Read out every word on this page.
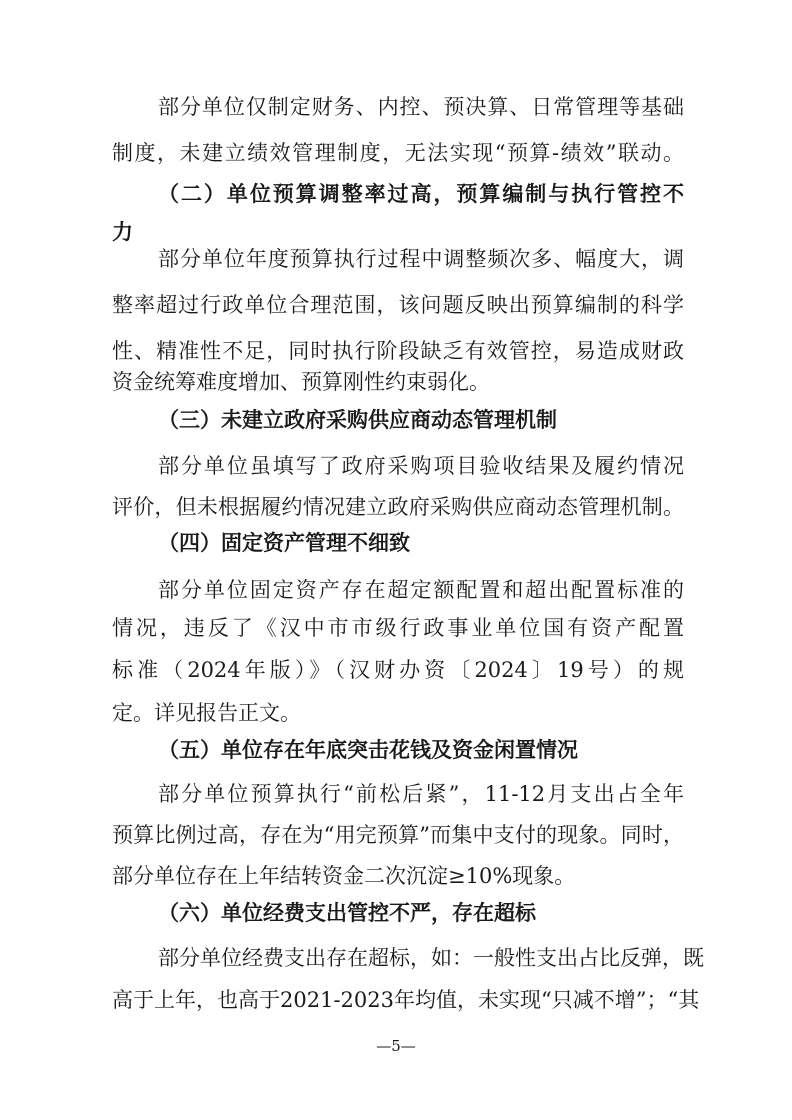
部分单位仅制定财务、内控、预决算、日常管理等基础
制度，未建立绩效管理制度，无法实现“预算-绩效”联动。
（二）单位预算调整率过高，预算编制与执行管控不
力
部分单位年度预算执行过程中调整频次多、幅度大，调
整率超过行政单位合理范围，该问题反映出预算编制的科学
性、精准性不足，同时执行阶段缺乏有效管控，易造成财政
资金统筹难度增加、预算刚性约束弱化。
（三）未建立政府采购供应商动态管理机制
部分单位虽填写了政府采购项目验收结果及履约情况
评价，但未根据履约情况建立政府采购供应商动态管理机制。
（四）固定资产管理不细致
部分单位固定资产存在超定额配置和超出配置标准的
情况，违反了《汉中市市级行政事业单位国有资产配置
标准（2024年版）》（汉财办资〔2024〕19号）的规
定。详见报告正文。
（五）单位存在年底突击花钱及资金闲置情况
部分单位预算执行“前松后紧”，11-12月支出占全年
预算比例过高，存在为“用完预算”而集中支付的现象。同时，
部分单位存在上年结转资金二次沉淀≥10%现象。
（六）单位经费支出管控不严，存在超标
部分单位经费支出存在超标，如：一般性支出占比反弹，既
高于上年，也高于2021-2023年均值，未实现“只减不增”；“其
—5—
